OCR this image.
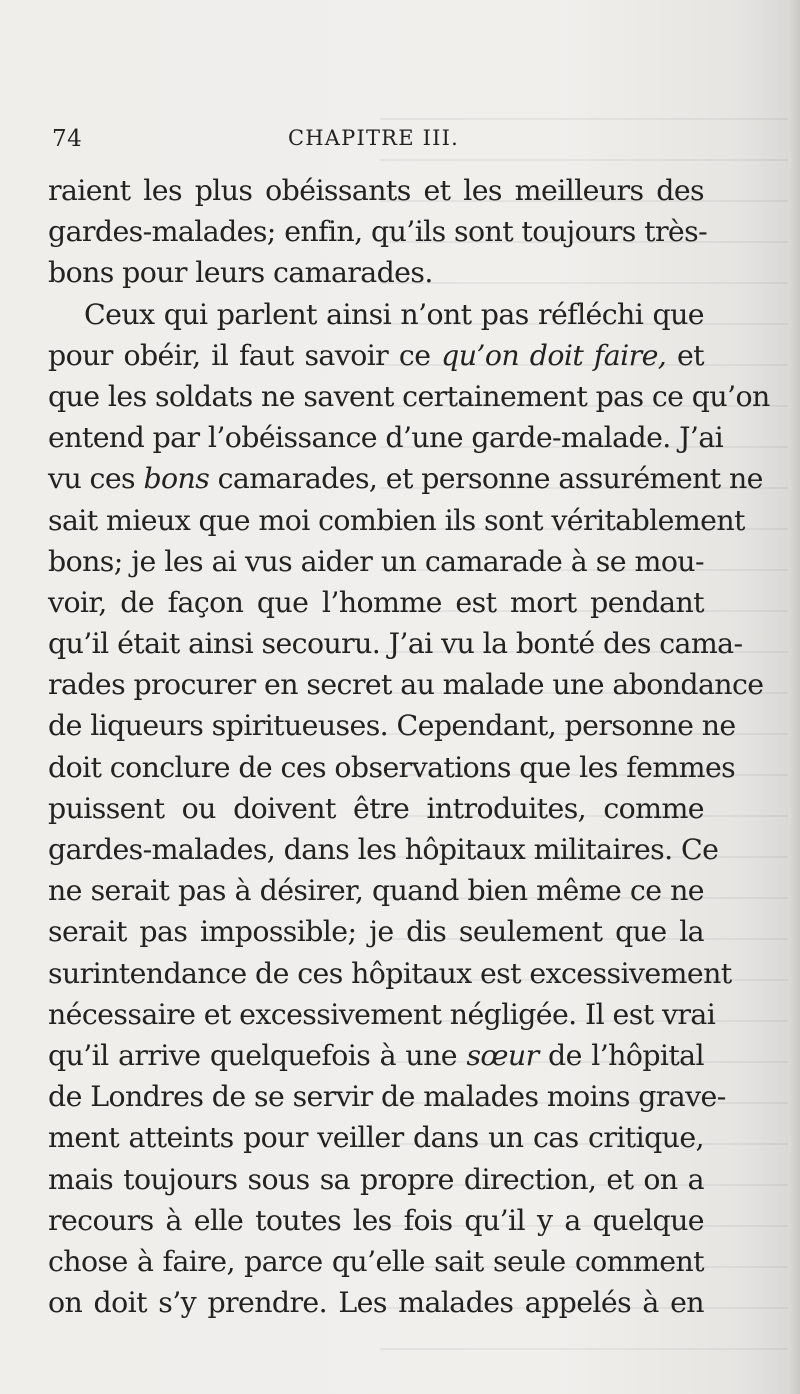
74	CHAPITRE III.
raient les plus obéissants et les meilleurs des
gardes-malades; enfin, qu’ils sont toujours très-
bons pour leurs camarades.
Ceux qui parlent ainsi n’ont pas réfléchi que
pour obéir, il faut savoir ce qu’on doit faire, et
que les soldats ne savent certainement pas ce qu’on
entend par l’obéissance d’une garde-malade. J’ai
vu ces bons camarades, et personne assurément ne
sait mieux que moi combien ils sont véritablement
bons; je les ai vus aider un camarade à se mou-
voir, de façon que l’homme est mort pendant
qu’il était ainsi secouru. J’ai vu la bonté des cama-
rades procurer en secret au malade une abondance
de liqueurs spiritueuses. Cependant, personne ne
doit conclure de ces observations que les femmes
puissent ou doivent être introduites, comme
gardes-malades, dans les hôpitaux militaires. Ce
ne serait pas à désirer, quand bien même ce ne
serait pas impossible; je dis seulement que la
surintendance de ces hôpitaux est excessivement
nécessaire et excessivement négligée. Il est vrai
qu’il arrive quelquefois à une sœur de l’hôpital
de Londres de se servir de malades moins grave-
ment atteints pour veiller dans un cas critique,
mais toujours sous sa propre direction, et on a
recours à elle toutes les fois qu’il y a quelque
chose à faire, parce qu’elle sait seule comment
on doit s’y prendre. Les malades appelés à en
